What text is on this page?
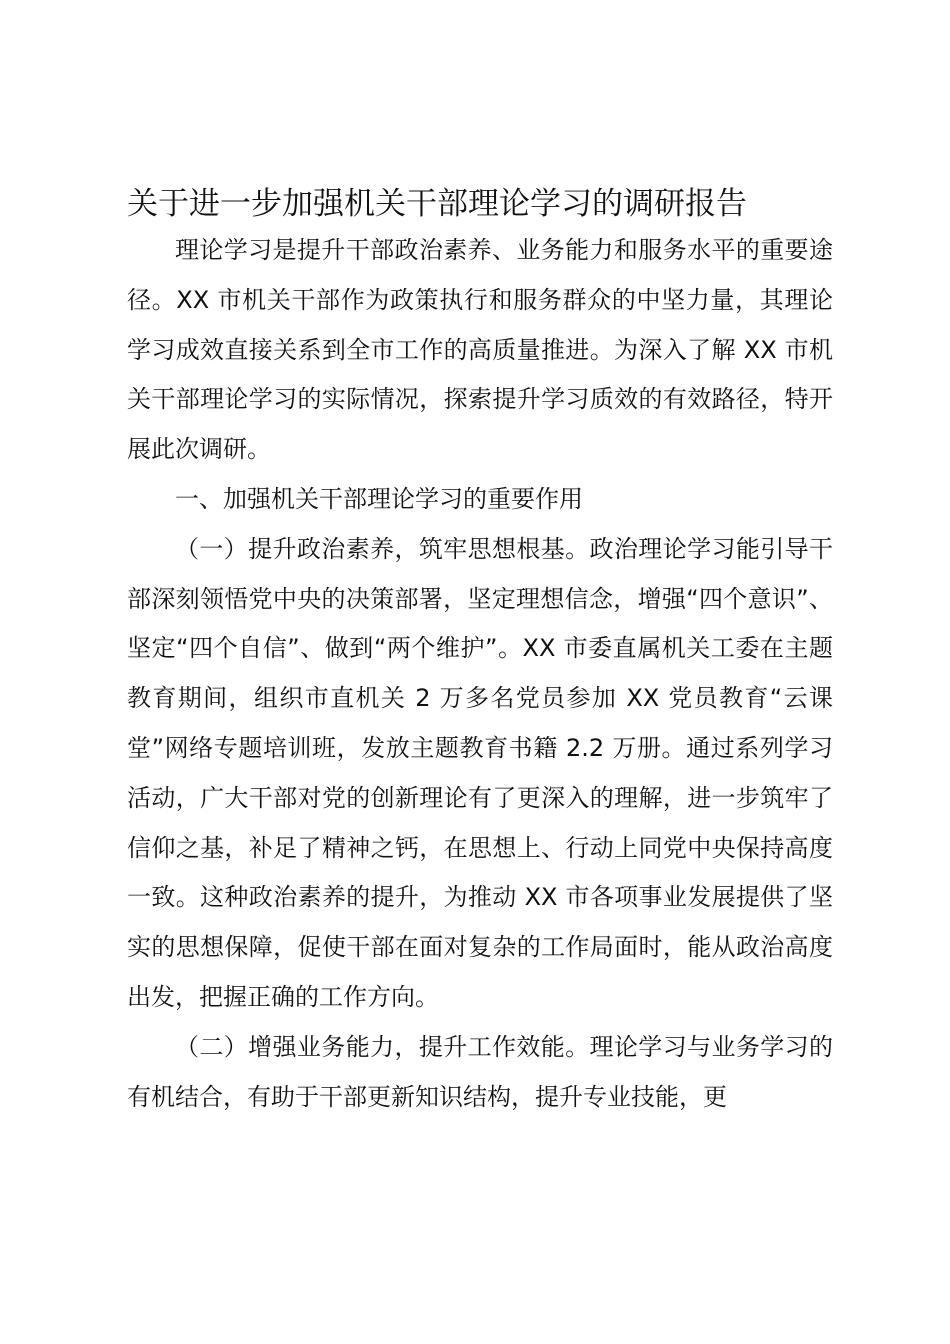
关于进一步加强机关干部理论学习的调研报告

理论学习是提升干部政治素养、业务能力和服务水平的重要途径。XX 市机关干部作为政策执行和服务群众的中坚力量，其理论学习成效直接关系到全市工作的高质量推进。为深入了解 XX 市机关干部理论学习的实际情况，探索提升学习质效的有效路径，特开展此次调研。

一、加强机关干部理论学习的重要作用

（一）提升政治素养，筑牢思想根基。政治理论学习能引导干部深刻领悟党中央的决策部署，坚定理想信念，增强“四个意识”、坚定“四个自信”、做到“两个维护”。XX 市委直属机关工委在主题教育期间，组织市直机关 2 万多名党员参加 XX 党员教育“云课堂”网络专题培训班，发放主题教育书籍 2.2 万册。通过系列学习活动，广大干部对党的创新理论有了更深入的理解，进一步筑牢了信仰之基，补足了精神之钙，在思想上、行动上同党中央保持高度一致。这种政治素养的提升，为推动 XX 市各项事业发展提供了坚实的思想保障，促使干部在面对复杂的工作局面时，能从政治高度出发，把握正确的工作方向。

（二）增强业务能力，提升工作效能。理论学习与业务学习的有机结合，有助于干部更新知识结构，提升专业技能，更
